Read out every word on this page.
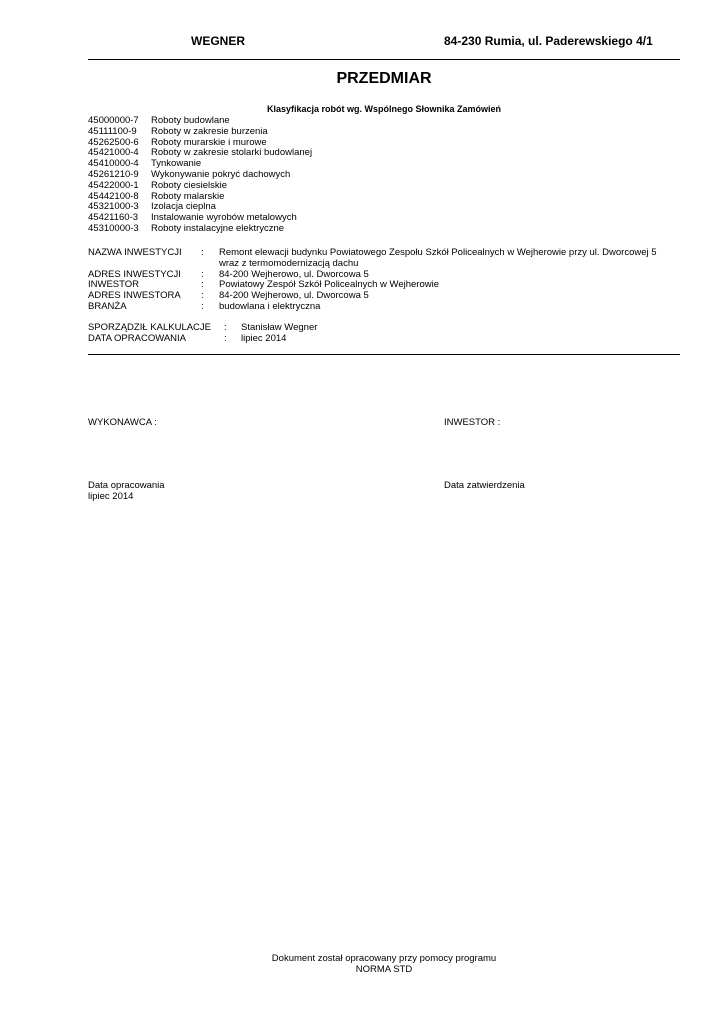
WEGNER	84-230 Rumia, ul. Paderewskiego 4/1
PRZEDMIAR
Klasyfikacja robót wg. Wspólnego Słownika Zamówień
45000000-7	Roboty budowlane
45111100-9	Roboty w zakresie burzenia
45262500-6	Roboty murarskie i murowe
45421000-4	Roboty w zakresie stolarki budowlanej
45410000-4	Tynkowanie
45261210-9	Wykonywanie pokryć dachowych
45422000-1	Roboty ciesielskie
45442100-8	Roboty malarskie
45321000-3	Izolacja cieplna
45421160-3	Instalowanie wyrobów metalowych
45310000-3	Roboty instalacyjne elektryczne
NAZWA INWESTYCJI	:	Remont elewacji budynku Powiatowego Zespołu Szkół Policealnych w Wejherowie przy ul. Dworcowej 5 wraz z termomodernizacją dachu
ADRES INWESTYCJI	:	84-200 Wejherowo, ul. Dworcowa 5
INWESTOR	:	Powiatowy Zespół Szkół Policealnych w Wejherowie
ADRES INWESTORA	:	84-200 Wejherowo, ul. Dworcowa 5
BRANŻA	:	budowlana i elektryczna
SPORZĄDZIŁ KALKULACJE	:	Stanisław Wegner
DATA OPRACOWANIA	:	lipiec 2014
WYKONAWCA :	INWESTOR :
Data opracowania
lipiec 2014
Data zatwierdzenia
Dokument został opracowany przy pomocy programu
NORMA STD
